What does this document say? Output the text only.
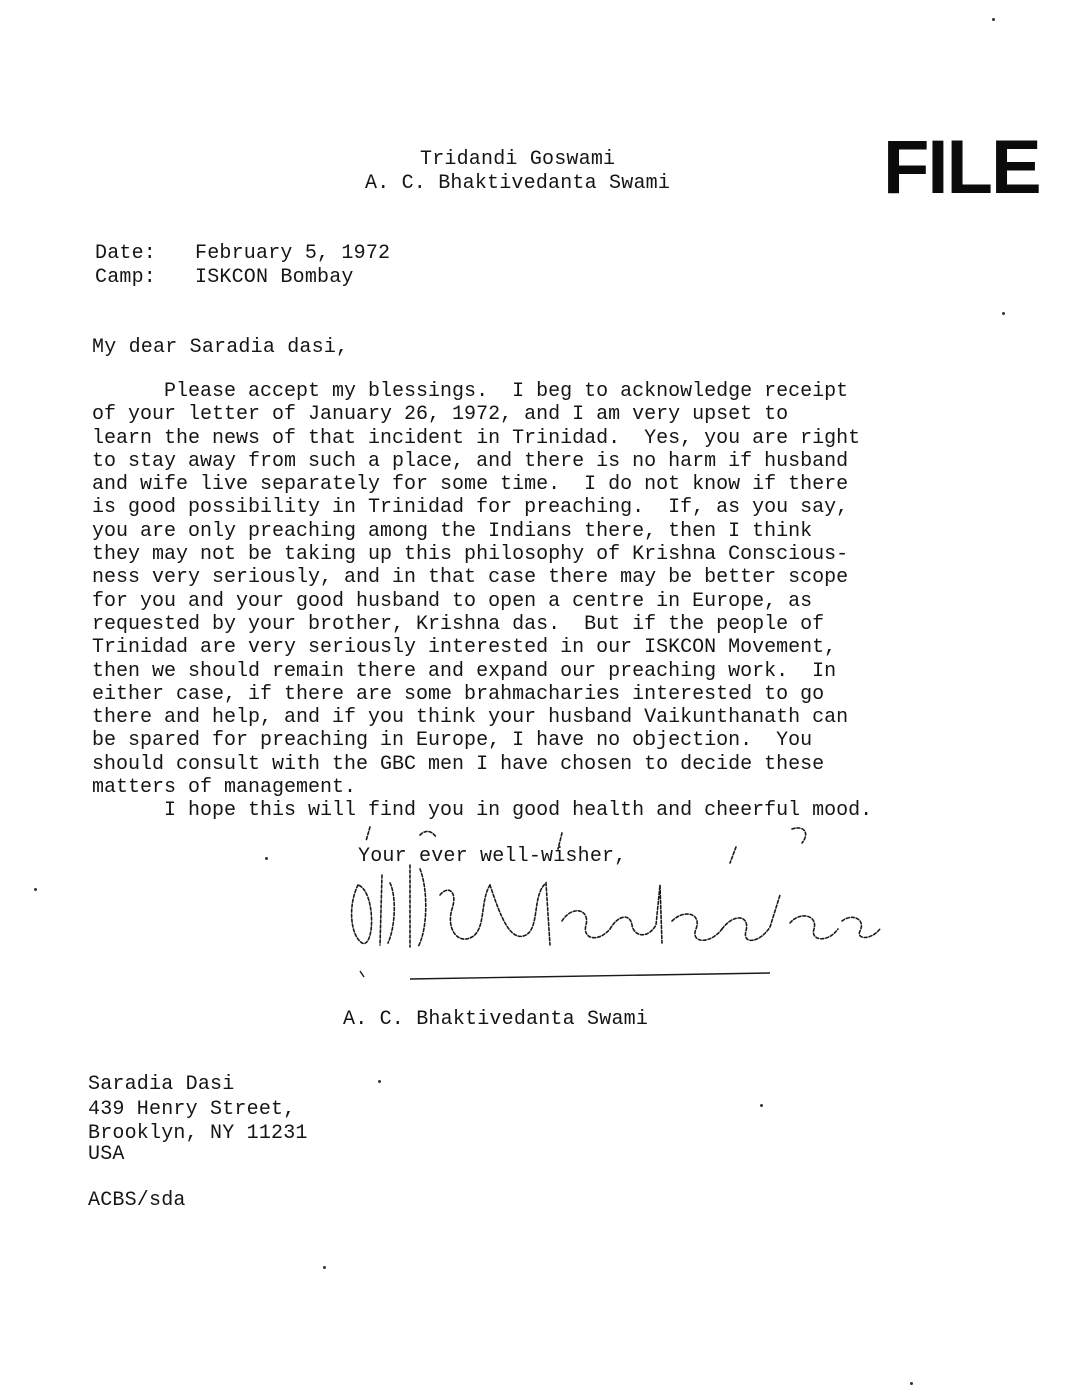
Tridandi Goswami
A. C. Bhaktivedanta Swami	FILE
Date: February 5, 1972
Camp: ISKCON Bombay
My dear Saradia dasi,
Please accept my blessings.  I beg to acknowledge receipt
of your letter of January 26, 1972, and I am very upset to
learn the news of that incident in Trinidad.  Yes, you are right
to stay away from such a place, and there is no harm if husband
and wife live separately for some time.  I do not know if there
is good possibility in Trinidad for preaching.  If, as you say,
you are only preaching among the Indians there, then I think
they may not be taking up this philosophy of Krishna Conscious-
ness very seriously, and in that case there may be better scope
for you and your good husband to open a centre in Europe, as
requested by your brother, Krishna das.  But if the people of
Trinidad are very seriously interested in our ISKCON Movement,
then we should remain there and expand our preaching work.  In
either case, if there are some brahmacharies interested to go
there and help, and if you think your husband Vaikunthanath can
be spared for preaching in Europe, I have no objection.  You
should consult with the GBC men I have chosen to decide these
matters of management.
I hope this will find you in good health and cheerful mood.
Your ever well-wisher,
A. C. Bhaktivedanta Swami
Saradia Dasi
439 Henry Street,
Brooklyn, NY 11231
USA
ACBS/sda
